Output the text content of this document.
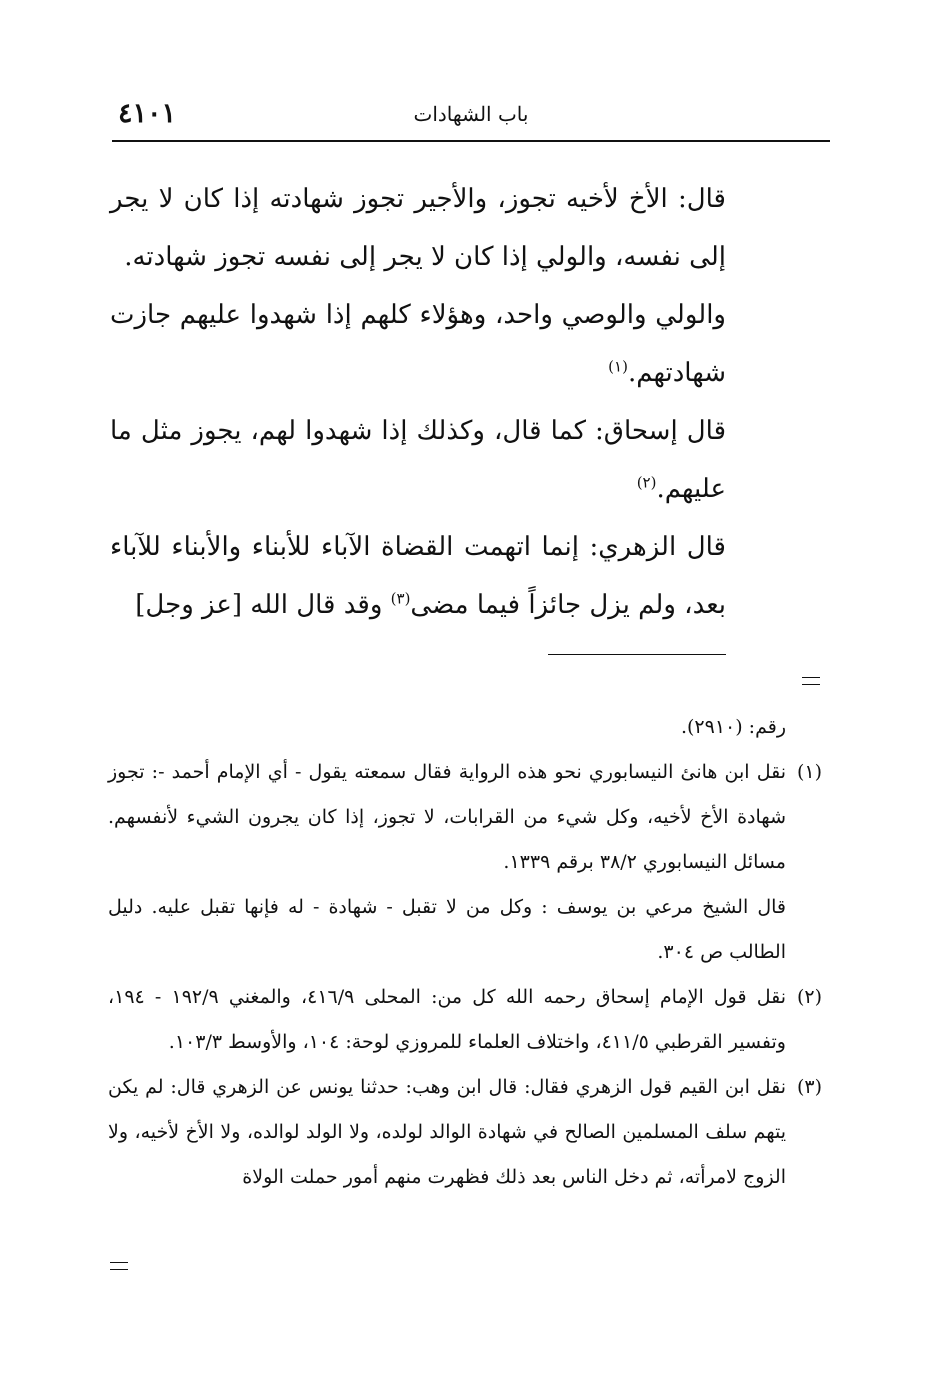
٤١٠١	باب الشهادات

قال: الأخ لأخيه تجوز، والأجير تجوز شهادته إذا كان لا يجر إلى نفسه، والولي إذا كان لا يجر إلى نفسه تجوز شهادته.

والولي والوصي واحد، وهؤلاء كلهم إذا شهدوا عليهم جازت شهادتهم.$^{(١)}$

قال إسحاق: كما قال، وكذلك إذا شهدوا لهم، يجوز مثل ما عليهم.$^{(٢)}$

قال الزهري: إنما اتهمت القضاة الآباء للأبناء والأبناء للآباء بعد، ولم يزل جائزاً فيما مضى$^{(٣)}$ وقد قال الله [عز وجل]

رقم: (٢٩١٠).

(١)
نقل ابن هانئ النيسابوري نحو هذه الرواية فقال سمعته يقول - أي الإمام أحمد -: تجوز شهادة الأخ لأخيه، وكل شيء من القرابات، لا تجوز، إذا كان يجرون الشيء لأنفسهم. مسائل النيسابوري ٣٨/٢ برقم ١٣٣٩.

قال الشيخ مرعي بن يوسف : وكل من لا تقبل - شهادة - له فإنها تقبل عليه. دليل الطالب ص ٣٠٤.

(٢)
نقل قول الإمام إسحاق رحمه الله كل من: المحلى ٤١٦/٩، والمغني ١٩٢/٩ - ١٩٤، وتفسير القرطبي ٤١١/٥، واختلاف العلماء للمروزي لوحة: ١٠٤، والأوسط ١٠٣/٣.
(٣)
نقل ابن القيم قول الزهري فقال: قال ابن وهب: حدثنا يونس عن الزهري قال: لم يكن يتهم سلف المسلمين الصالح في شهادة الوالد لولده، ولا الولد لوالده، ولا الأخ لأخيه، ولا الزوج لامرأته، ثم دخل الناس بعد ذلك فظهرت منهم أمور حملت الولاة
